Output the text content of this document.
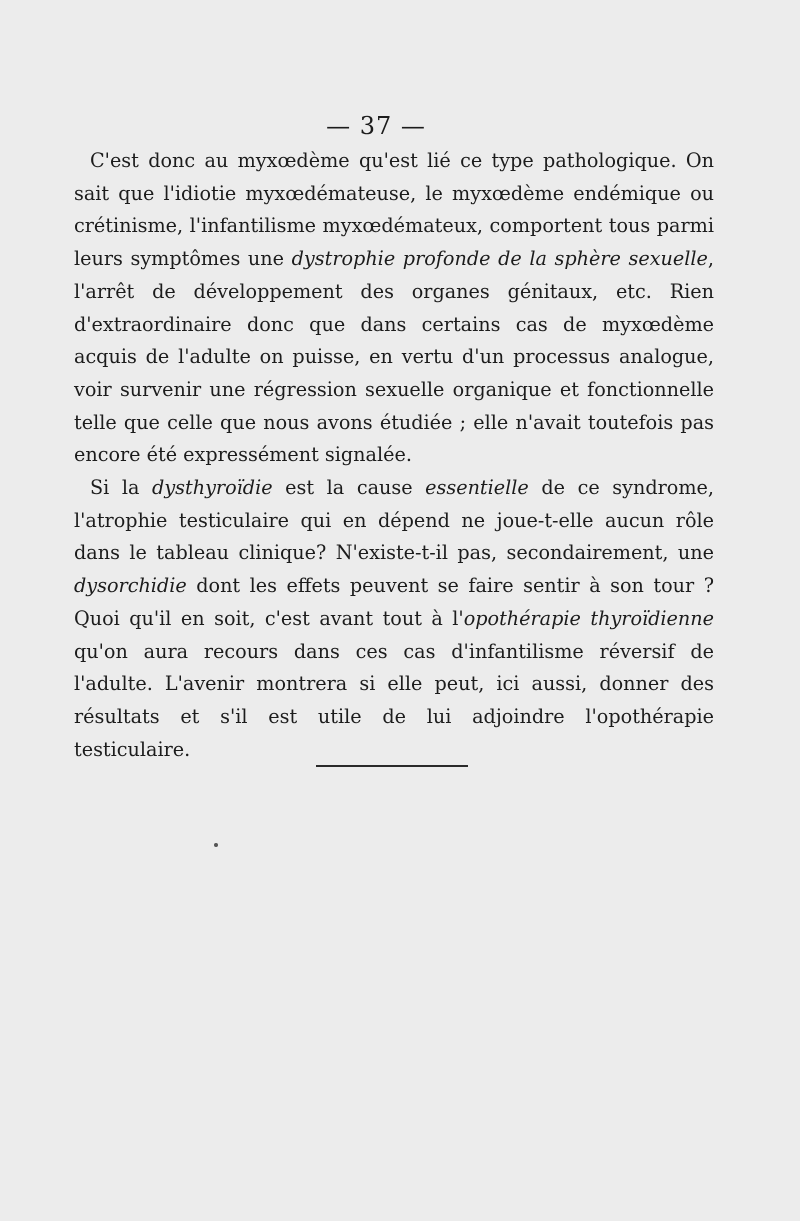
— 37 —

C'est donc au myxœdème qu'est lié ce type pathologique. On sait que l'idiotie myxœdémateuse, le myxœdème endémique ou crétinisme, l'infantilisme myxœdémateux, comportent tous parmi leurs symptômes une dystrophie profonde de la sphère sexuelle, l'arrêt de développement des organes génitaux, etc. Rien d'extraordinaire donc que dans certains cas de myxœdème acquis de l'adulte on puisse, en vertu d'un processus analogue, voir survenir une régression sexuelle organique et fonctionnelle telle que celle que nous avons étudiée ; elle n'avait toutefois pas encore été expressément signalée.

Si la dysthyroïdie est la cause essentielle de ce syndrome, l'atrophie testiculaire qui en dépend ne joue-t-elle aucun rôle dans le tableau clinique? N'existe-t-il pas, secondairement, une dysorchidie dont les effets peuvent se faire sentir à son tour ? Quoi qu'il en soit, c'est avant tout à l'opothérapie thyroïdienne qu'on aura recours dans ces cas d'infantilisme réversif de l'adulte. L'avenir montrera si elle peut, ici aussi, donner des résultats et s'il est utile de lui adjoindre l'opothérapie testiculaire.
